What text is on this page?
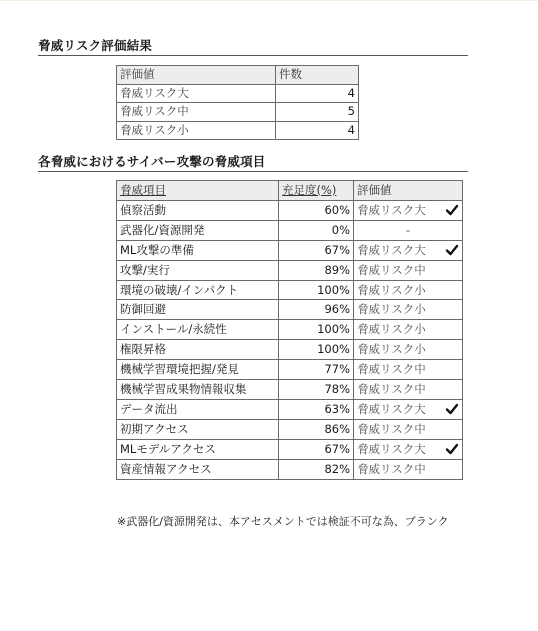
脅威リスク評価結果
評価値	件数
脅威リスク大	4
脅威リスク中	5
脅威リスク小	4
各脅威におけるサイバー攻撃の脅威項目
脅威項目	充足度(%)	評価値
偵察活動	60%	脅威リスク大
武器化/資源開発	0%	-
ML攻撃の準備	67%	脅威リスク大
攻撃/実行	89%	脅威リスク中
環境の破壊/インパクト	100%	脅威リスク小
防御回避	96%	脅威リスク小
インストール/永続性	100%	脅威リスク小
権限昇格	100%	脅威リスク小
機械学習環境把握/発見	77%	脅威リスク中
機械学習成果物情報収集	78%	脅威リスク中
データ流出	63%	脅威リスク大
初期アクセス	86%	脅威リスク中
MLモデルアクセス	67%	脅威リスク大
資産情報アクセス	82%	脅威リスク中
※武器化/資源開発は、本アセスメントでは検証不可な為、ブランク
